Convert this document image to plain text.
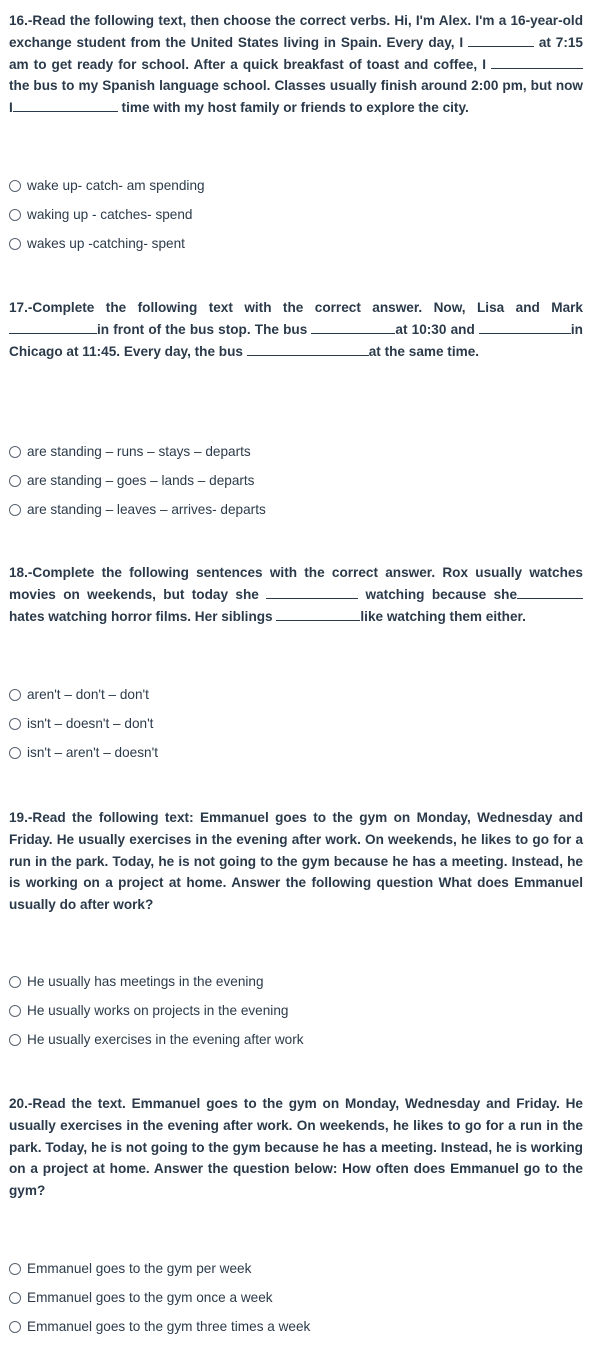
16.-Read the following text, then choose the correct verbs. Hi, I'm Alex. I'm a 16-year-old exchange student from the United States living in Spain. Every day, I	at 7:15 am to get ready for school. After a quick breakfast of toast and coffee, I the bus to my Spanish language school. Classes usually finish around 2:00 pm, but now I	time with my host family or friends to explore the city.

wake up- catch- am spending
waking up - catches- spend
wakes up -catching- spent

17.-Complete the following text with the correct answer. Now, Lisa and Mark in front of the bus stop. The bus	at 10:30 and	in Chicago at 11:45. Every day, the bus	at the same time.

are standing – runs – stays – departs
are standing – goes – lands – departs
are standing – leaves – arrives- departs

18.-Complete the following sentences with the correct answer. Rox usually watches movies on weekends, but today she	watching because she hates watching horror films. Her siblings	like watching them either.

aren't – don't – don't
isn't – doesn't – don't
isn't – aren't – doesn't

19.-Read the following text: Emmanuel goes to the gym on Monday, Wednesday and Friday. He usually exercises in the evening after work. On weekends, he likes to go for a run in the park. Today, he is not going to the gym because he has a meeting. Instead, he is working on a project at home. Answer the following question What does Emmanuel usually do after work?

He usually has meetings in the evening
He usually works on projects in the evening
He usually exercises in the evening after work

20.-Read the text. Emmanuel goes to the gym on Monday, Wednesday and Friday. He usually exercises in the evening after work. On weekends, he likes to go for a run in the park. Today, he is not going to the gym because he has a meeting. Instead, he is working on a project at home. Answer the question below: How often does Emmanuel go to the gym?

Emmanuel goes to the gym per week
Emmanuel goes to the gym once a week
Emmanuel goes to the gym three times a week
